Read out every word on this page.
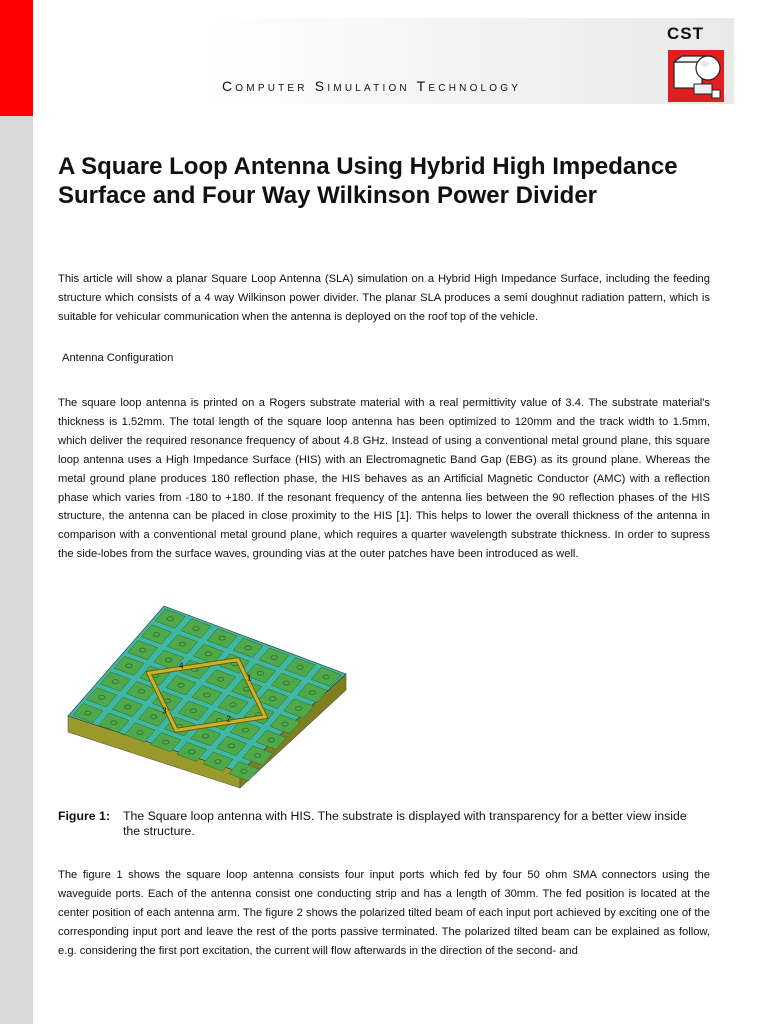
CST
Computer Simulation Technology
A Square Loop Antenna Using Hybrid High Impedance Surface and Four Way Wilkinson Power Divider

This article will show a planar Square Loop Antenna (SLA) simulation on a Hybrid High Impedance Surface, including the feeding structure which consists of a 4 way Wilkinson power divider. The planar SLA produces a semi doughnut radiation pattern, which is suitable for vehicular communication when the antenna is deployed on the roof top of the vehicle.

Antenna Configuration

The square loop antenna is printed on a Rogers substrate material with a real permittivity value of 3.4. The substrate material's thickness is 1.52mm. The total length of the square loop antenna has been optimized to 120mm and the track width to 1.5mm, which deliver the required resonance frequency of about 4.8 GHz. Instead of using a conventional metal ground plane, this square loop antenna uses a High Impedance Surface (HIS) with an Electromagnetic Band Gap (EBG) as its ground plane. Whereas the metal ground plane produces 180 reflection phase, the HIS behaves as an Artificial Magnetic Conductor (AMC) with a reflection phase which varies from -180 to +180. If the resonant frequency of the antenna lies between the 90 reflection phases of the HIS structure, the antenna can be placed in close proximity to the HIS [1]. This helps to lower the overall thickness of the antenna in comparison with a conventional metal ground plane, which requires a quarter wavelength substrate thickness. In order to supress the side-lobes from the surface waves, grounding vias at the outer patches have been introduced as well.

1
2
3
4
Figure 1: The Square loop antenna with HIS. The substrate is displayed with transparency for a better view inside the structure.

The figure 1 shows the square loop antenna consists four input ports which fed by four 50 ohm SMA connectors using the waveguide ports. Each of the antenna consist one conducting strip and has a length of 30mm. The fed position is located at the center position of each antenna arm. The figure 2 shows the polarized tilted beam of each input port achieved by exciting one of the corresponding input port and leave the rest of the ports passive terminated. The polarized tilted beam can be explained as follow, e.g. considering the first port excitation, the current will flow afterwards in the direction of the second- and
